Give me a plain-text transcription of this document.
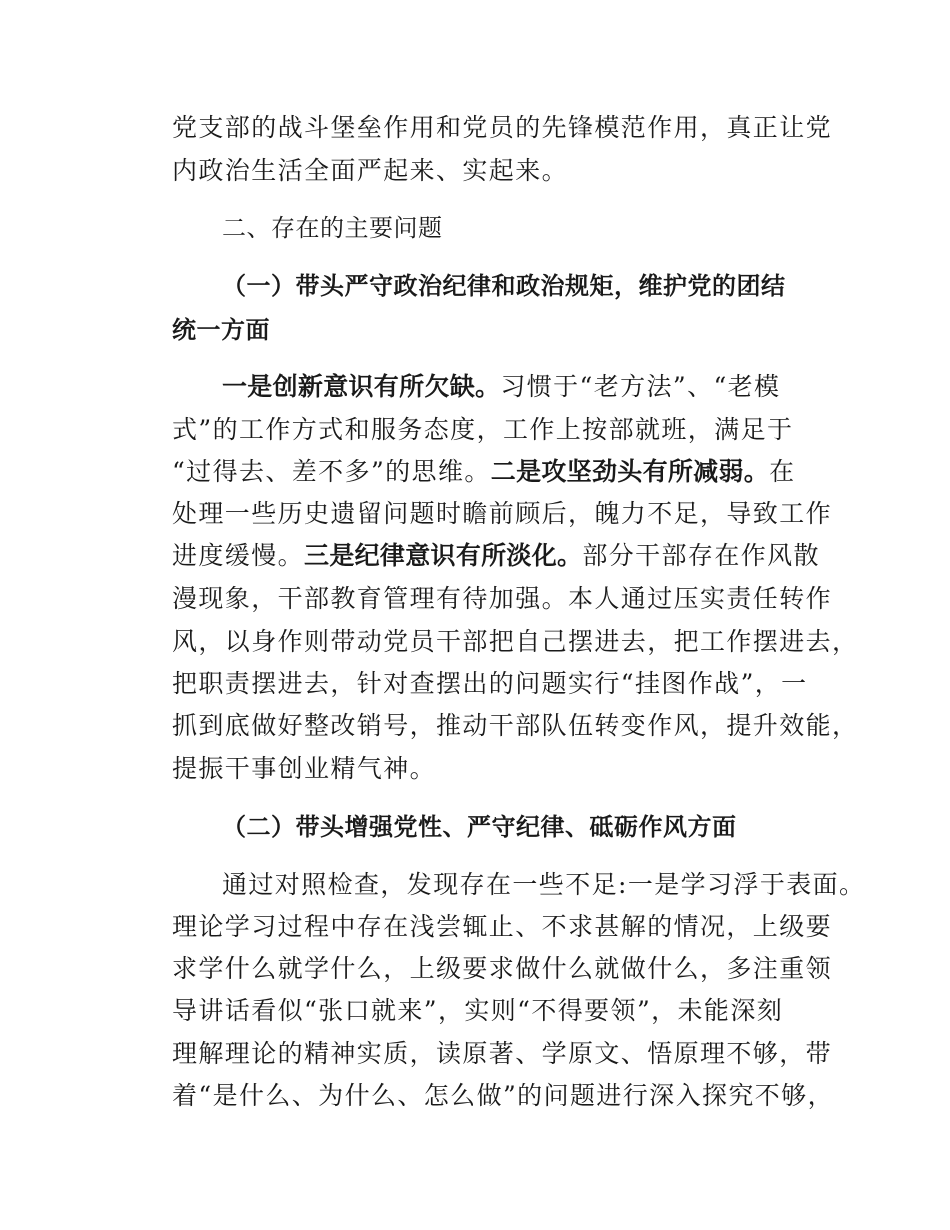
党支部的战斗堡垒作用和党员的先锋模范作用，真正让党
内政治生活全面严起来、实起来。
二、存在的主要问题
（一）带头严守政治纪律和政治规矩，维护党的团结
统一方面
一是创新意识有所欠缺。习惯于“老方法”、“老模
式”的工作方式和服务态度，工作上按部就班，满足于
“过得去、差不多”的思维。二是攻坚劲头有所减弱。在
处理一些历史遗留问题时瞻前顾后，魄力不足，导致工作
进度缓慢。三是纪律意识有所淡化。部分干部存在作风散
漫现象，干部教育管理有待加强。本人通过压实责任转作
风，以身作则带动党员干部把自己摆进去，把工作摆进去，
把职责摆进去，针对查摆出的问题实行“挂图作战”，一
抓到底做好整改销号，推动干部队伍转变作风，提升效能，
提振干事创业精气神。
（二）带头增强党性、严守纪律、砥砺作风方面
通过对照检查，发现存在一些不足:一是学习浮于表面。
理论学习过程中存在浅尝辄止、不求甚解的情况，上级要
求学什么就学什么，上级要求做什么就做什么，多注重领
导讲话看似“张口就来”，实则“不得要领”，未能深刻
理解理论的精神实质，读原著、学原文、悟原理不够，带
着“是什么、为什么、怎么做”的问题进行深入探究不够，
